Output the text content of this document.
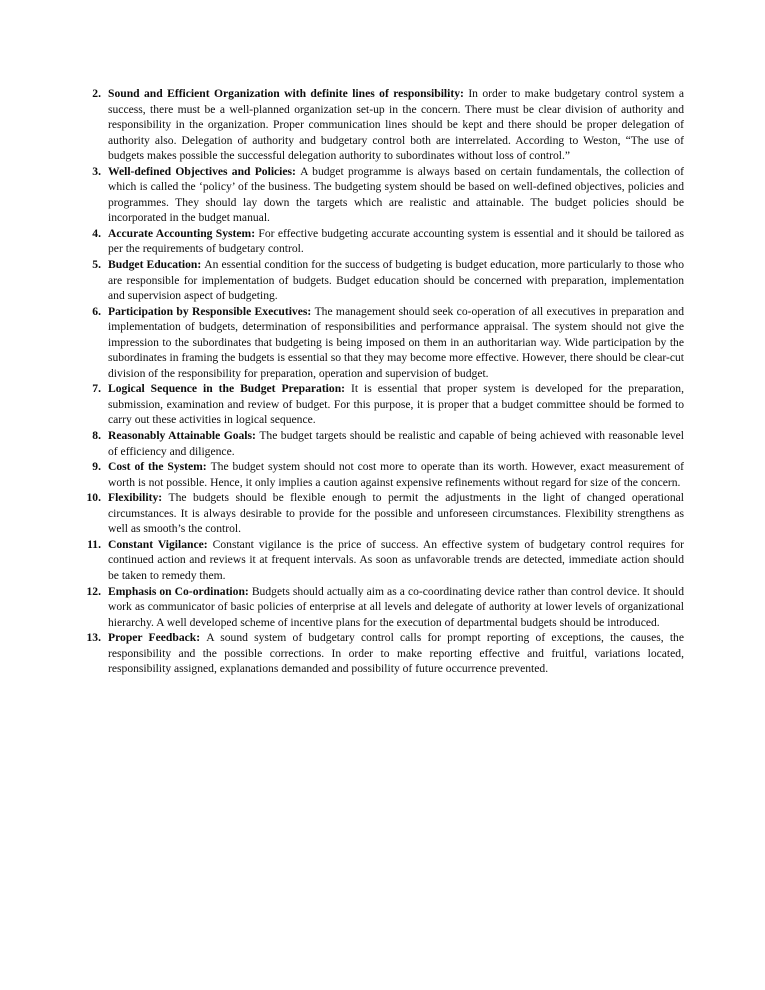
2. Sound and Efficient Organization with definite lines of responsibility: In order to make budgetary control system a success, there must be a well-planned organization set-up in the concern. There must be clear division of authority and responsibility in the organization. Proper communication lines should be kept and there should be proper delegation of authority also. Delegation of authority and budgetary control both are interrelated. According to Weston, “The use of budgets makes possible the successful delegation authority to subordinates without loss of control.”
3. Well-defined Objectives and Policies: A budget programme is always based on certain fundamentals, the collection of which is called the ‘policy’ of the business. The budgeting system should be based on well-defined objectives, policies and programmes. They should lay down the targets which are realistic and attainable. The budget policies should be incorporated in the budget manual.
4. Accurate Accounting System: For effective budgeting accurate accounting system is essential and it should be tailored as per the requirements of budgetary control.
5. Budget Education: An essential condition for the success of budgeting is budget education, more particularly to those who are responsible for implementation of budgets. Budget education should be concerned with preparation, implementation and supervision aspect of budgeting.
6. Participation by Responsible Executives: The management should seek co-operation of all executives in preparation and implementation of budgets, determination of responsibilities and performance appraisal. The system should not give the impression to the subordinates that budgeting is being imposed on them in an authoritarian way. Wide participation by the subordinates in framing the budgets is essential so that they may become more effective. However, there should be clear-cut division of the responsibility for preparation, operation and supervision of budget.
7. Logical Sequence in the Budget Preparation: It is essential that proper system is developed for the preparation, submission, examination and review of budget. For this purpose, it is proper that a budget committee should be formed to carry out these activities in logical sequence.
8. Reasonably Attainable Goals: The budget targets should be realistic and capable of being achieved with reasonable level of efficiency and diligence.
9. Cost of the System: The budget system should not cost more to operate than its worth. However, exact measurement of worth is not possible. Hence, it only implies a caution against expensive refinements without regard for size of the concern.
10. Flexibility: The budgets should be flexible enough to permit the adjustments in the light of changed operational circumstances. It is always desirable to provide for the possible and unforeseen circumstances. Flexibility strengthens as well as smooth’s the control.
11. Constant Vigilance: Constant vigilance is the price of success. An effective system of budgetary control requires for continued action and reviews it at frequent intervals. As soon as unfavorable trends are detected, immediate action should be taken to remedy them.
12. Emphasis on Co-ordination: Budgets should actually aim as a co-coordinating device rather than control device. It should work as communicator of basic policies of enterprise at all levels and delegate of authority at lower levels of organizational hierarchy. A well developed scheme of incentive plans for the execution of departmental budgets should be introduced.
13. Proper Feedback: A sound system of budgetary control calls for prompt reporting of exceptions, the causes, the responsibility and the possible corrections. In order to make reporting effective and fruitful, variations located, responsibility assigned, explanations demanded and possibility of future occurrence prevented.
